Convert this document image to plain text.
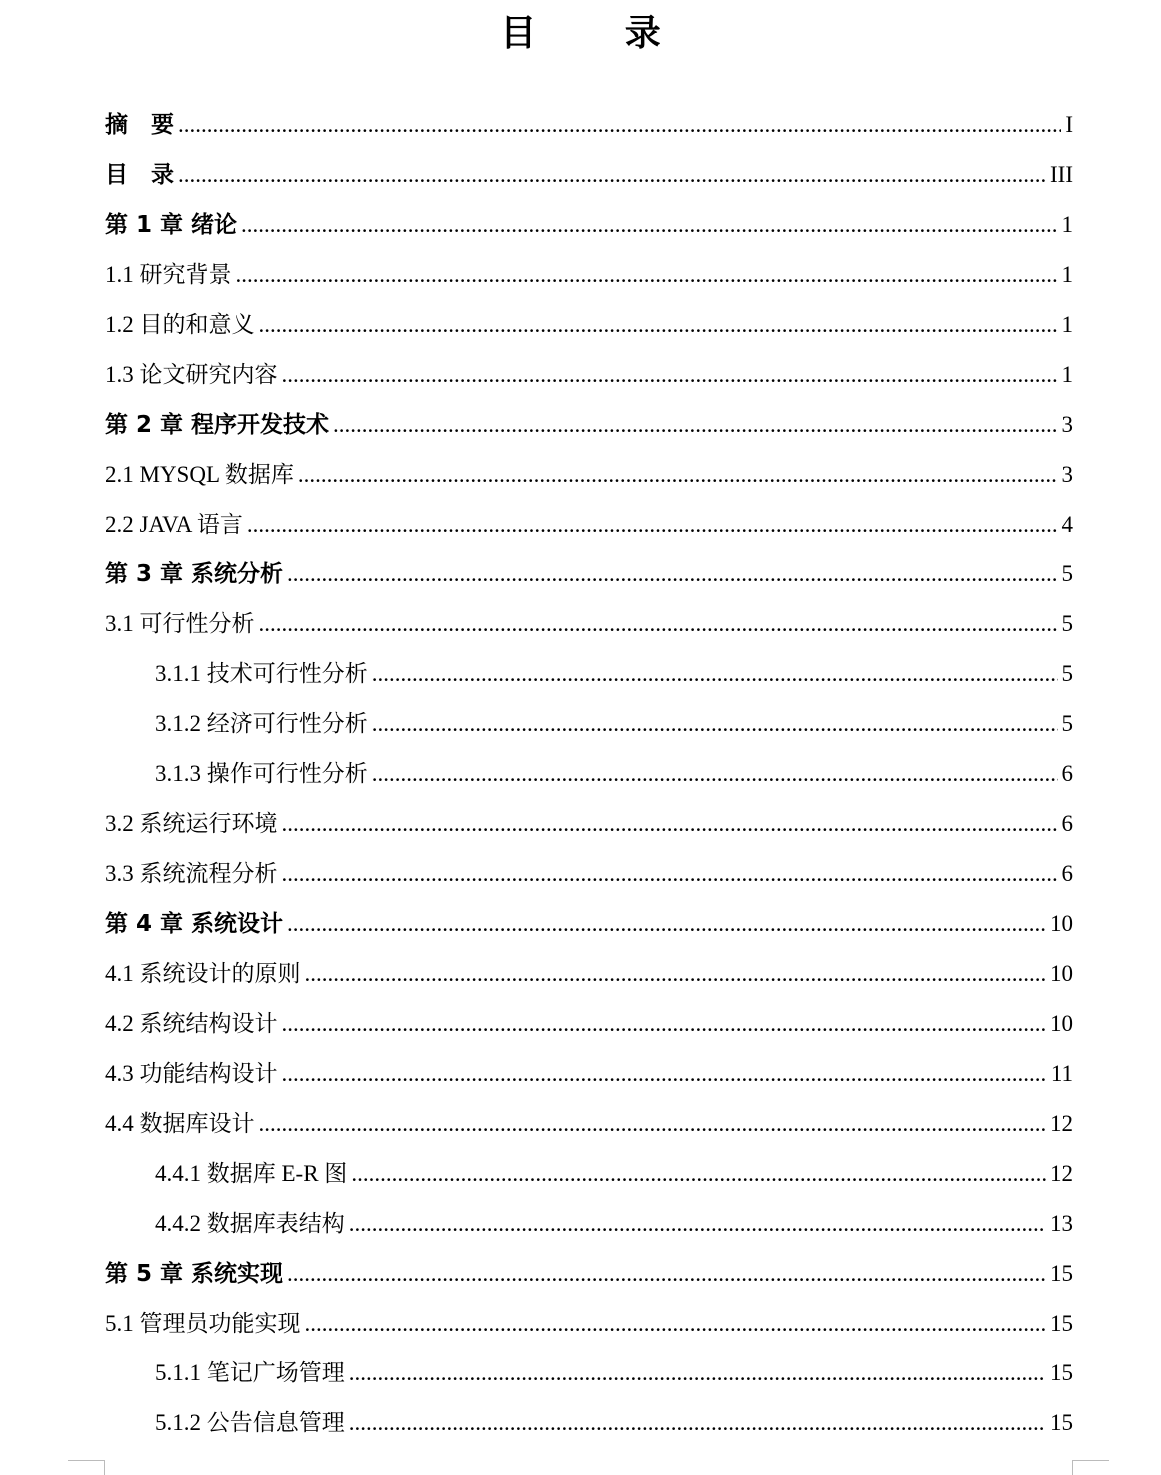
目 录
摘　要 .....	I
目　录 .....	III
第 1 章 绪论 .....	1
1.1 研究背景 .....	1
1.2 目的和意义 .....	1
1.3 论文研究内容 .....	1
第 2 章 程序开发技术 .....	3
2.1 MYSQL 数据库 .....	3
2.2 JAVA 语言 .....	4
第 3 章 系统分析 .....	5
3.1 可行性分析 .....	5
3.1.1 技术可行性分析 .....	5
3.1.2 经济可行性分析 .....	5
3.1.3 操作可行性分析 .....	6
3.2 系统运行环境 .....	6
3.3 系统流程分析 .....	6
第 4 章 系统设计 .....	10
4.1 系统设计的原则 .....	10
4.2 系统结构设计 .....	10
4.3 功能结构设计 .....	11
4.4 数据库设计 .....	12
4.4.1 数据库 E-R 图 .....	12
4.4.2 数据库表结构 .....	13
第 5 章 系统实现 .....	15
5.1 管理员功能实现 .....	15
5.1.1 笔记广场管理 .....	15
5.1.2 公告信息管理 .....	15
